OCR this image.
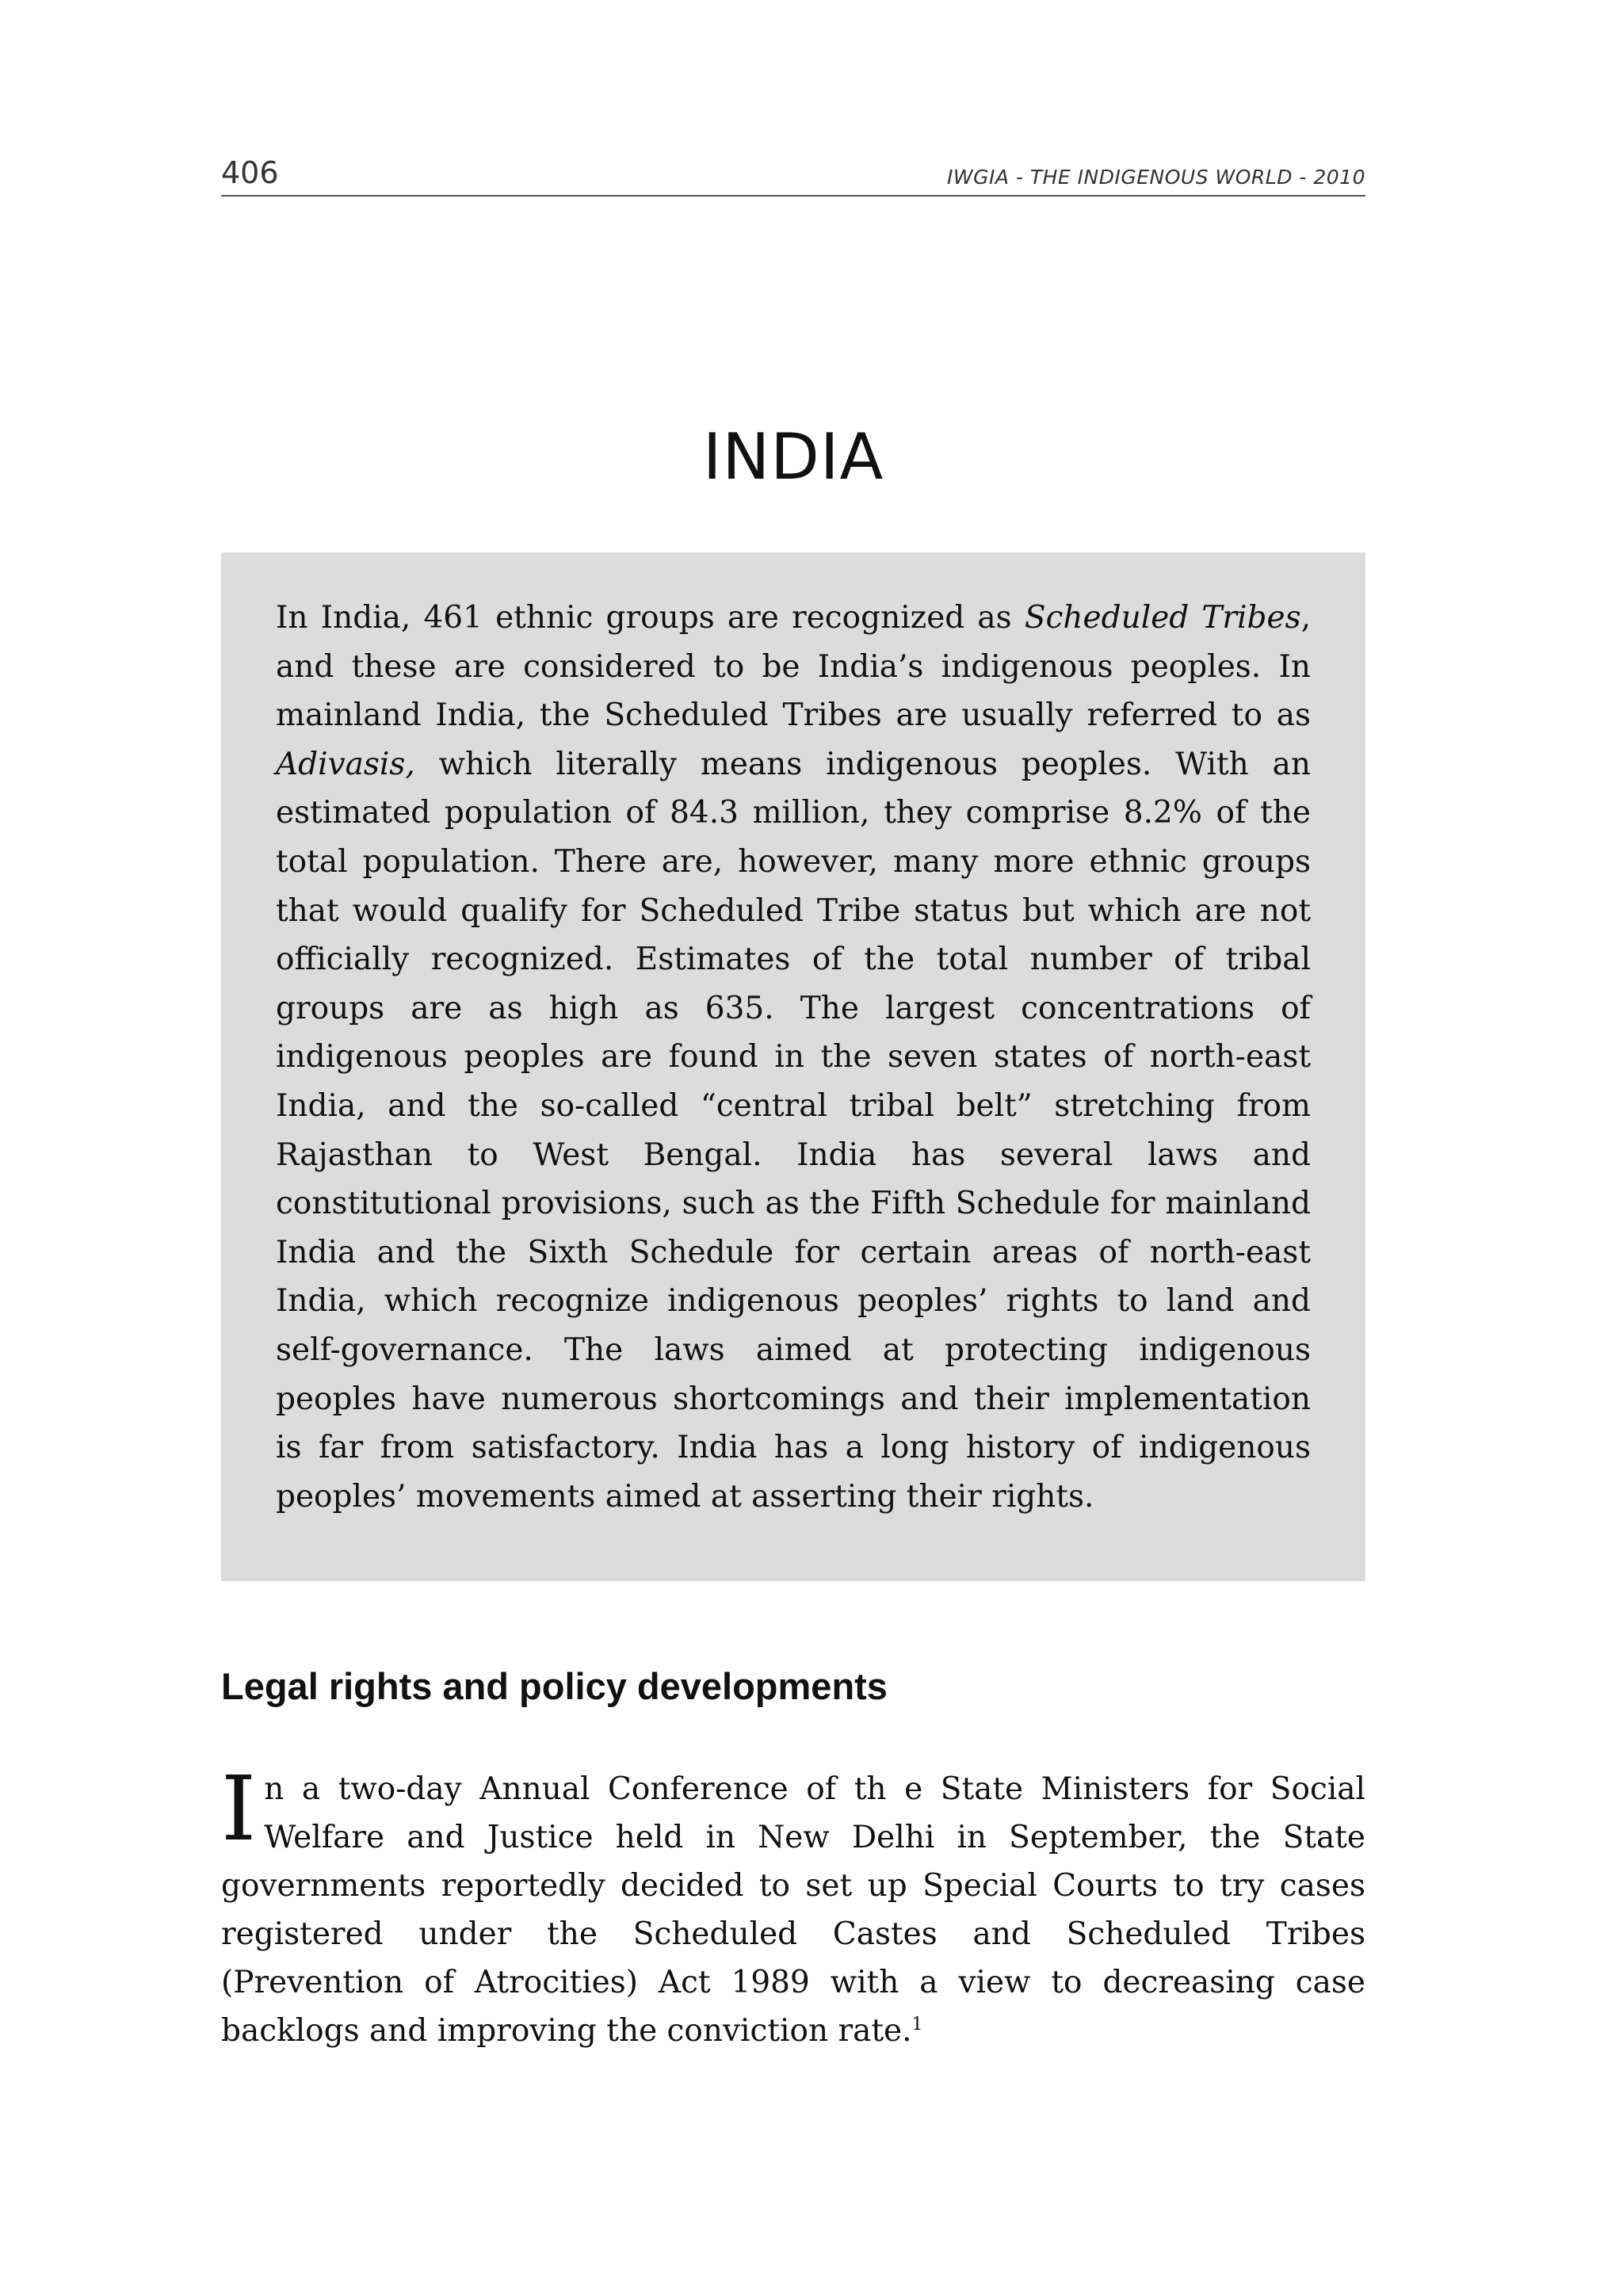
406	IWGIA - THE INDIGENOUS WORLD - 2010
INDIA

In India, 461 ethnic groups are recognized as Scheduled Tribes, and these are considered to be India’s indigenous peoples. In mainland India, the Scheduled Tribes are usually referred to as Adivasis, which literally means indigenous peoples. With an estimated population of 84.3 million, they comprise 8.2% of the total population. There are, however, many more ethnic groups that would qualify for Scheduled Tribe status but which are not officially recognized. Estimates of the total number of tribal groups are as high as 635. The largest concentrations of indigenous peoples are found in the seven states of north-east India, and the so-called “central tribal belt” stretching from Rajasthan to West Bengal. India has several laws and constitutional provisions, such as the Fifth Schedule for mainland India and the Sixth Schedule for certain areas of north-east India, which recognize indigenous peoples’ rights to land and self-governance. The laws aimed at protecting indigenous peoples have numerous shortcomings and their implementation is far from satisfactory. India has a long history of indigenous peoples’ movements aimed at asserting their rights.

Legal rights and policy developments

In a two-day Annual Conference of th e State Ministers for Social Welfare and Justice held in New Delhi in September, the State governments reportedly decided to set up Special Courts to try cases registered under the Scheduled Castes and Scheduled Tribes (Prevention of Atrocities) Act 1989 with a view to decreasing case backlogs and improving the conviction rate.$^1$
